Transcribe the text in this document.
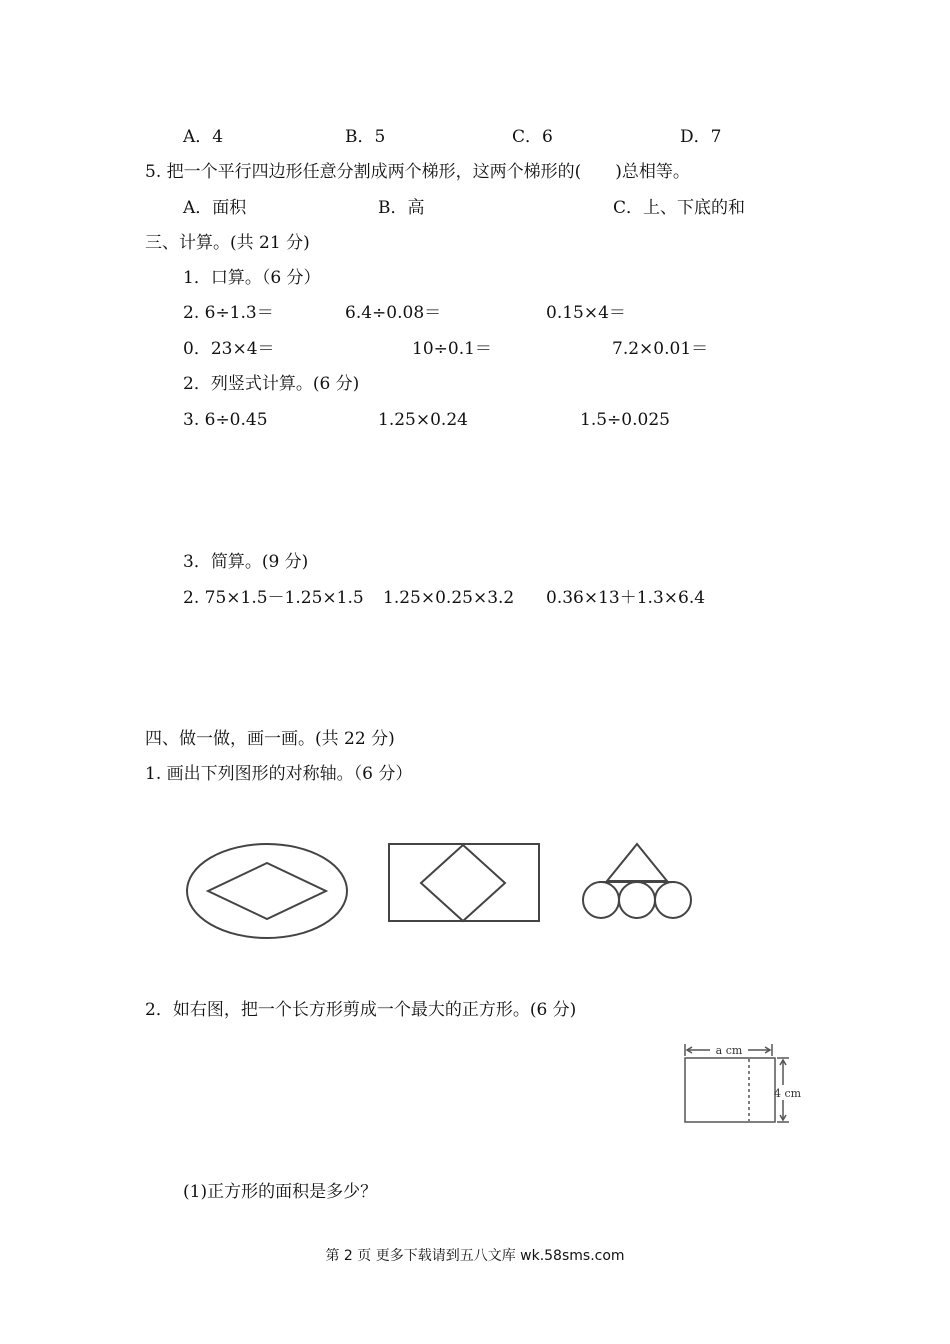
A．4	B．5	C．6	D．7
5. 把一个平行四边形任意分割成两个梯形，这两个梯形的(　　)总相等。
A．面积	B．高	C．上、下底的和
三、计算。(共 21 分)
1．口算。（6 分）
2. 6÷1.3＝	6.4÷0.08＝	0.15×4＝
0．23×4＝	10÷0.1＝	7.2×0.01＝
2．列竖式计算。(6 分)
3. 6÷0.45	1.25×0.24	1.5÷0.025
3．简算。(9 分)
2. 75×1.5－1.25×1.5 1.25×0.25×3.2 0.36×13＋1.3×6.4
四、做一做，画一画。(共 22 分)
1. 画出下列图形的对称轴。（6 分）
2．如右图，把一个长方形剪成一个最大的正方形。(6 分)
a cm
4 cm
(1)正方形的面积是多少？
第 2 页 更多下载请到五八文库 wk.58sms.com
